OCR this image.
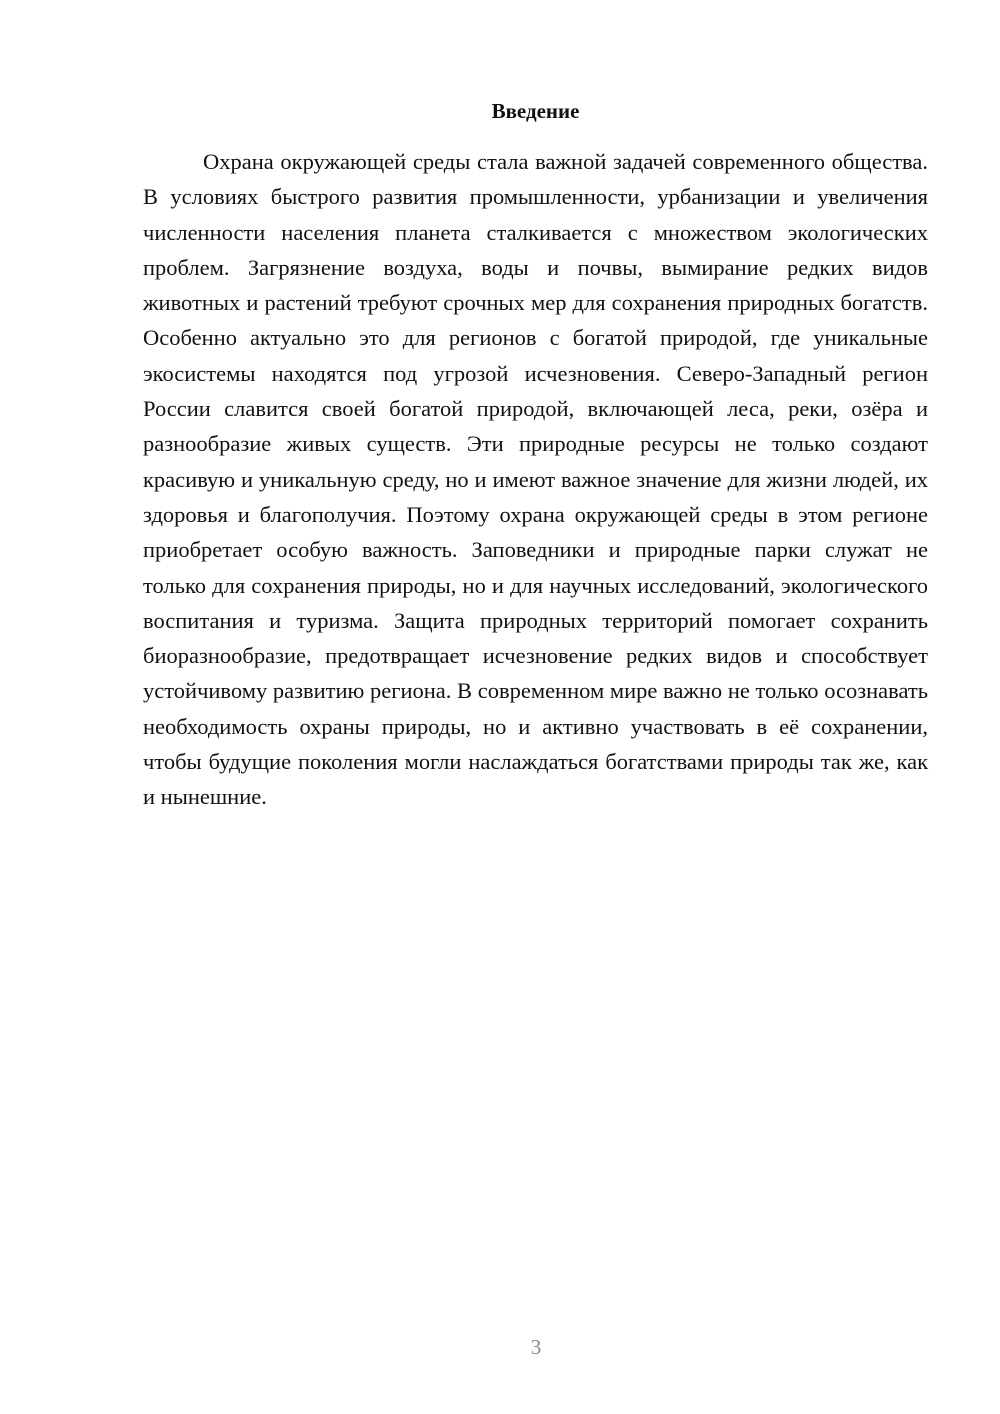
Введение

Охрана окружающей среды стала важной задачей современного общества. В условиях быстрого развития промышленности, урбанизации и увеличения численности населения планета сталкивается с множеством экологических проблем. Загрязнение воздуха, воды и почвы, вымирание редких видов животных и растений требуют срочных мер для сохранения природных богатств. Особенно актуально это для регионов с богатой природой, где уникальные экосистемы находятся под угрозой исчезновения. Северо-Западный регион России славится своей богатой природой, включающей леса, реки, озёра и разнообразие живых существ. Эти природные ресурсы не только создают красивую и уникальную среду, но и имеют важное значение для жизни людей, их здоровья и благополучия. Поэтому охрана окружающей среды в этом регионе приобретает особую важность. Заповедники и природные парки служат не только для сохранения природы, но и для научных исследований, экологического воспитания и туризма. Защита природных территорий помогает сохранить биоразнообразие, предотвращает исчезновение редких видов и способствует устойчивому развитию региона. В современном мире важно не только осознавать необходимость охраны природы, но и активно участвовать в её сохранении, чтобы будущие поколения могли наслаждаться богатствами природы так же, как и нынешние.

3
